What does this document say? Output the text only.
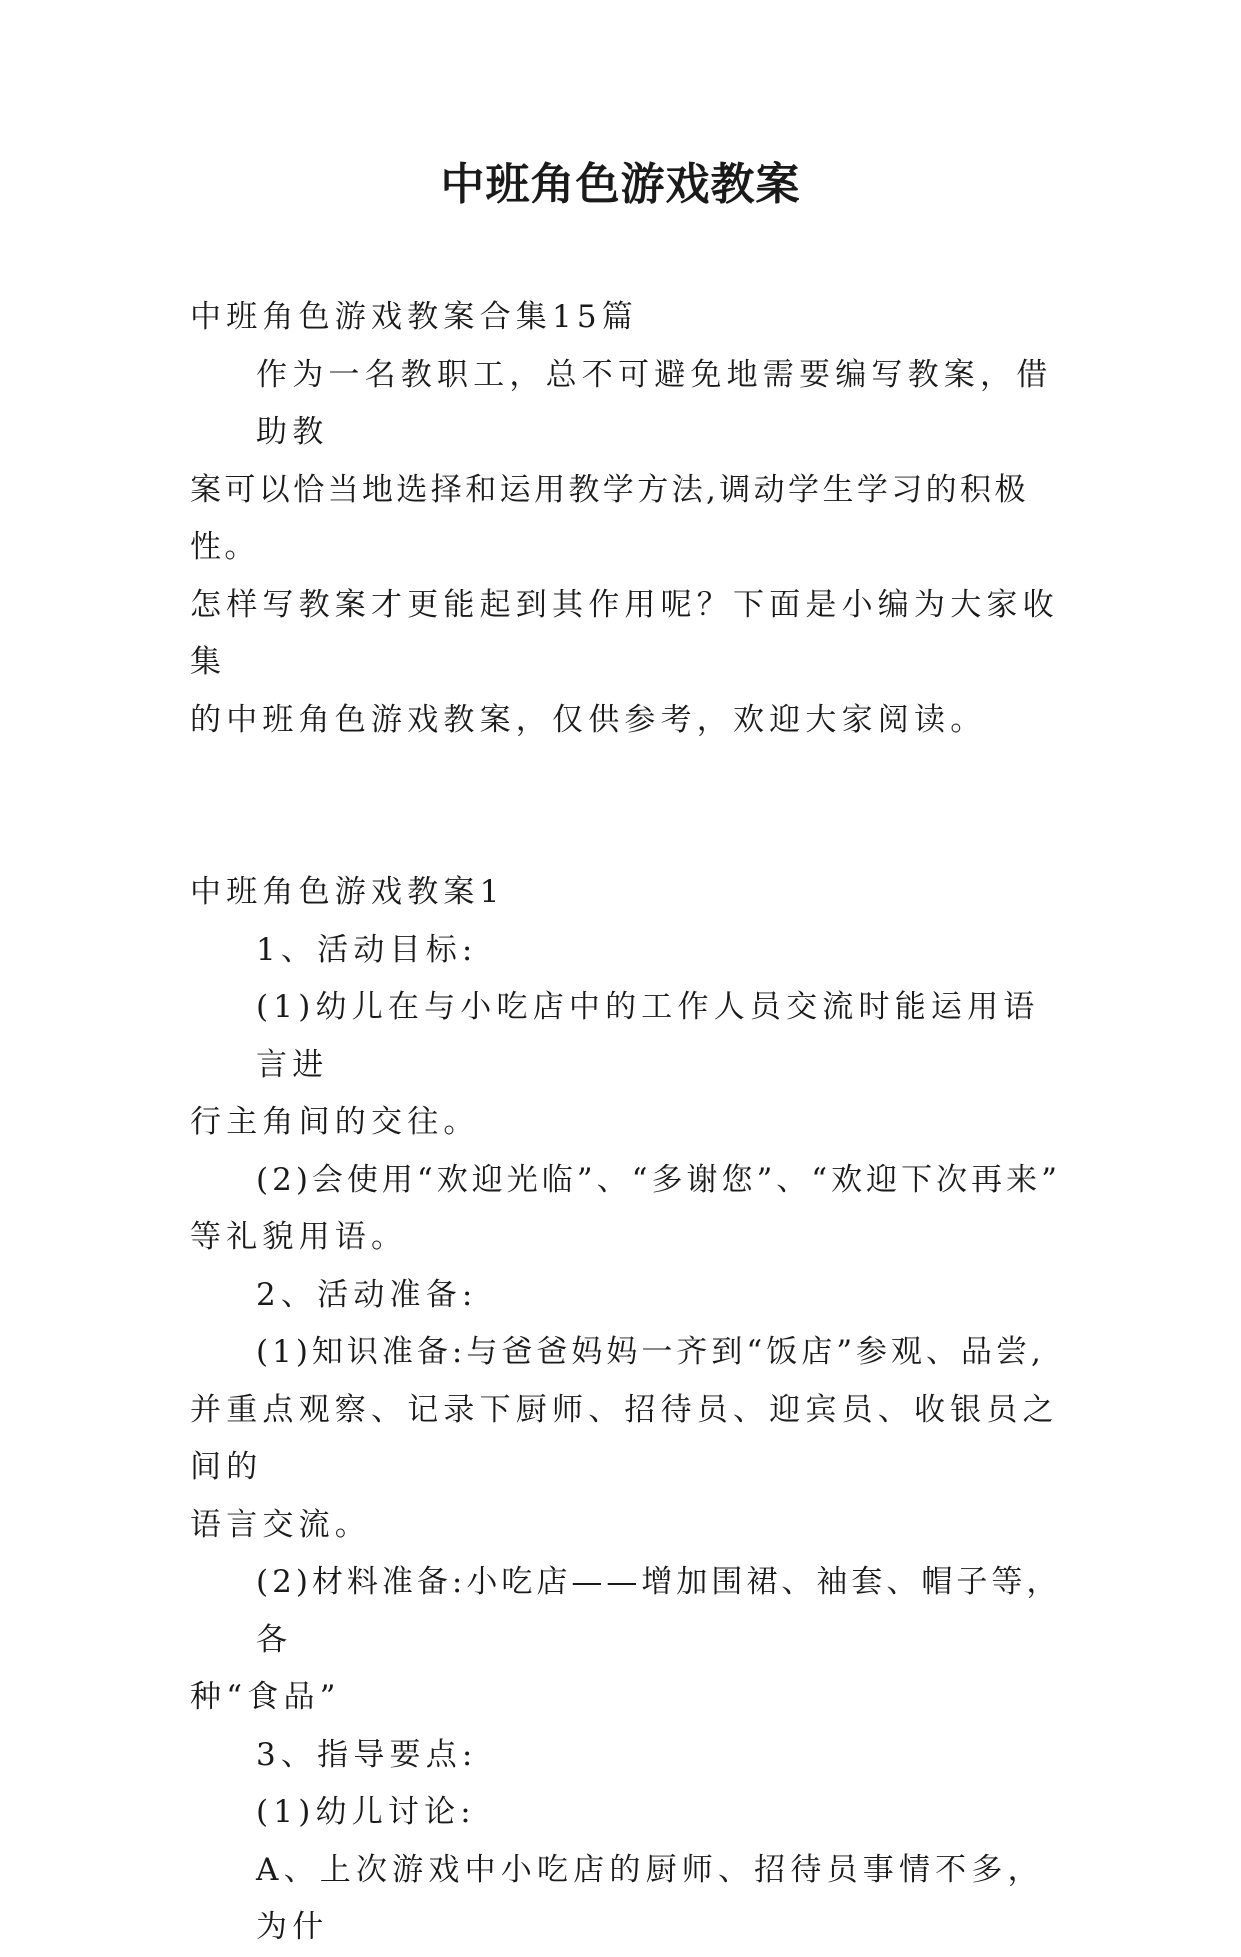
中班角色游戏教案

中班角色游戏教案合集15篇

作为一名教职工，总不可避免地需要编写教案，借助教

案可以恰当地选择和运用教学方法,调动学生学习的积极性。

怎样写教案才更能起到其作用呢？下面是小编为大家收集

的中班角色游戏教案，仅供参考，欢迎大家阅读。

中班角色游戏教案1

1、活动目标:

(1)幼儿在与小吃店中的工作人员交流时能运用语言进

行主角间的交往。

(2)会使用“欢迎光临”、“多谢您”、“欢迎下次再来”

等礼貌用语。

2、活动准备:

(1)知识准备:与爸爸妈妈一齐到“饭店”参观、品尝,

并重点观察、记录下厨师、招待员、迎宾员、收银员之间的

语言交流。

(2)材料准备:小吃店——增加围裙、袖套、帽子等，各

种“食品”

3、指导要点:

(1)幼儿讨论:

A、上次游戏中小吃店的厨师、招待员事情不多，为什
